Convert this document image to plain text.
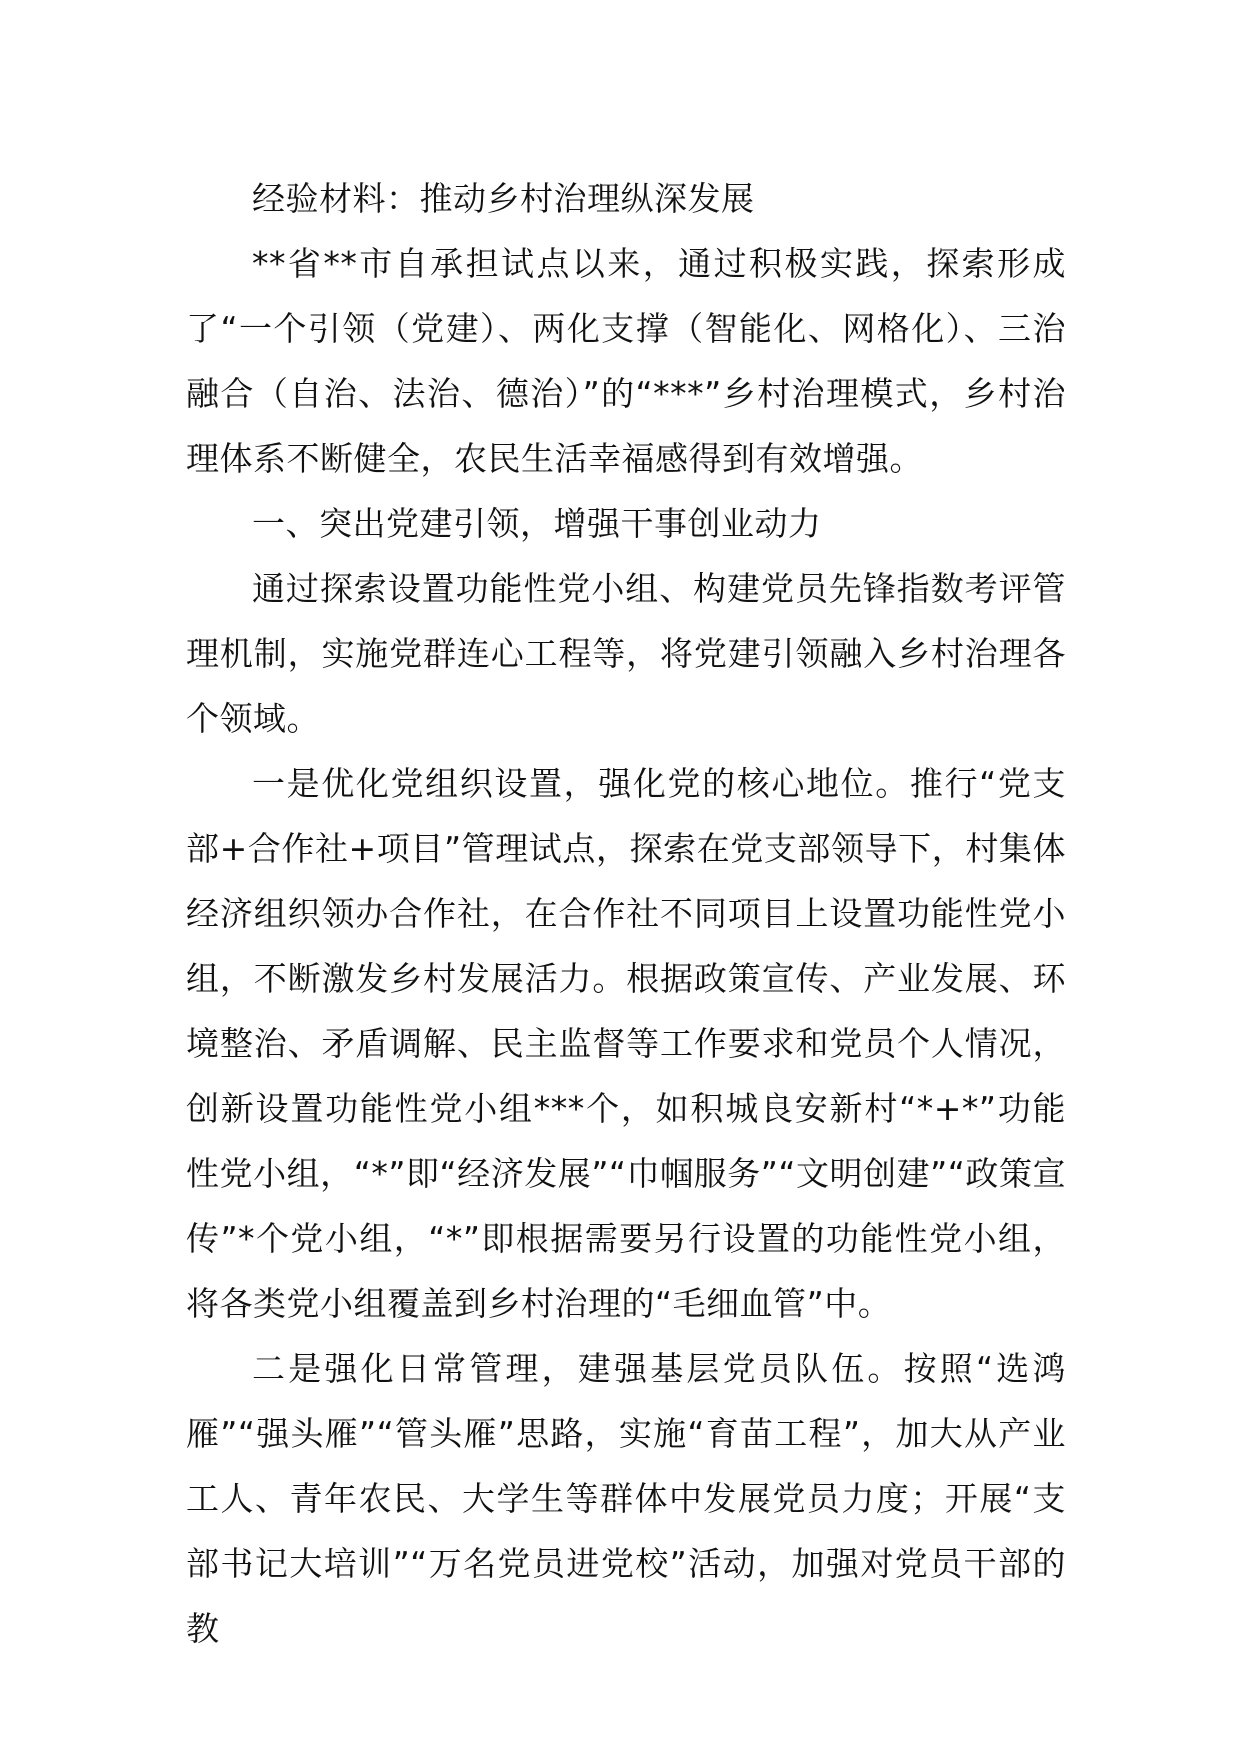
经验材料：推动乡村治理纵深发展

**省**市自承担试点以来，通过积极实践，探索形成了“一个引领（党建）、两化支撑（智能化、网格化）、三治融合（自治、法治、德治）”的“***”乡村治理模式，乡村治理体系不断健全，农民生活幸福感得到有效增强。

一、突出党建引领，增强干事创业动力

通过探索设置功能性党小组、构建党员先锋指数考评管理机制，实施党群连心工程等，将党建引领融入乡村治理各个领域。

一是优化党组织设置，强化党的核心地位。推行“党支部+合作社+项目”管理试点，探索在党支部领导下，村集体经济组织领办合作社，在合作社不同项目上设置功能性党小组，不断激发乡村发展活力。根据政策宣传、产业发展、环境整治、矛盾调解、民主监督等工作要求和党员个人情况，创新设置功能性党小组***个，如积城良安新村“*+*”功能性党小组，“*”即“经济发展”“巾帼服务”“文明创建”“政策宣传”*个党小组，“*”即根据需要另行设置的功能性党小组，将各类党小组覆盖到乡村治理的“毛细血管”中。

二是强化日常管理，建强基层党员队伍。按照“选鸿雁”“强头雁”“管头雁”思路，实施“育苗工程”，加大从产业工人、青年农民、大学生等群体中发展党员力度；开展“支部书记大培训”“万名党员进党校”活动，加强对党员干部的教
